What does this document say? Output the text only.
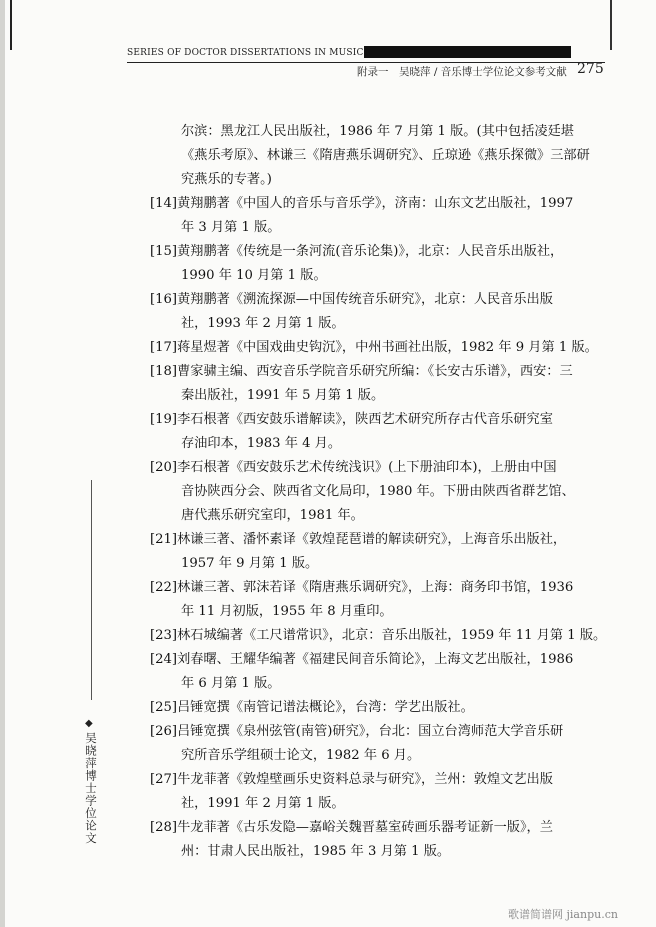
SERIES OF DOCTOR DISSERTATIONS IN MUSIC
附录一　吴晓萍 / 音乐博士学位论文参考文献 275
尔滨：黑龙江人民出版社，1986 年 7 月第 1 版。(其中包括凌廷堪
《燕乐考原》、林谦三《隋唐燕乐调研究》、丘琼逊《燕乐探微》三部研
究燕乐的专著。)
[14]黄翔鹏著《中国人的音乐与音乐学》，济南：山东文艺出版社，1997
年 3 月第 1 版。
[15]黄翔鹏著《传统是一条河流(音乐论集)》，北京：人民音乐出版社，
1990 年 10 月第 1 版。
[16]黄翔鹏著《溯流探源—中国传统音乐研究》，北京：人民音乐出版
社，1993 年 2 月第 1 版。
[17]蒋星煜著《中国戏曲史钩沉》，中州书画社出版，1982 年 9 月第 1 版。
[18]曹家骕主编、西安音乐学院音乐研究所编：《长安古乐谱》，西安：三
秦出版社，1991 年 5 月第 1 版。
[19]李石根著《西安鼓乐谱解读》，陕西艺术研究所存古代音乐研究室
存油印本，1983 年 4 月。
[20]李石根著《西安鼓乐艺术传统浅识》(上下册油印本)，上册由中国
音协陕西分会、陕西省文化局印，1980 年。下册由陕西省群艺馆、
唐代燕乐研究室印，1981 年。
[21]林谦三著、潘怀素译《敦煌琵琶谱的解读研究》，上海音乐出版社，
1957 年 9 月第 1 版。
[22]林谦三著、郭沫若译《隋唐燕乐调研究》，上海：商务印书馆，1936
年 11 月初版，1955 年 8 月重印。
[23]林石城编著《工尺谱常识》，北京：音乐出版社，1959 年 11 月第 1 版。
[24]刘春曙、王耀华编著《福建民间音乐简论》，上海文艺出版社，1986
年 6 月第 1 版。
[25]吕锤宽撰《南管记谱法概论》，台湾：学艺出版社。
[26]吕锤宽撰《泉州弦管(南管)研究》，台北：国立台湾师范大学音乐研
究所音乐学组硕士论文，1982 年 6 月。
[27]牛龙菲著《敦煌壁画乐史资料总录与研究》，兰州：敦煌文艺出版
社，1991 年 2 月第 1 版。
[28]牛龙菲著《古乐发隐—嘉峪关魏晋墓室砖画乐器考证新一版》，兰
州：甘肃人民出版社，1985 年 3 月第 1 版。
◆
吴晓萍博士学位论文
歌谱简谱网 jianpu.cn
